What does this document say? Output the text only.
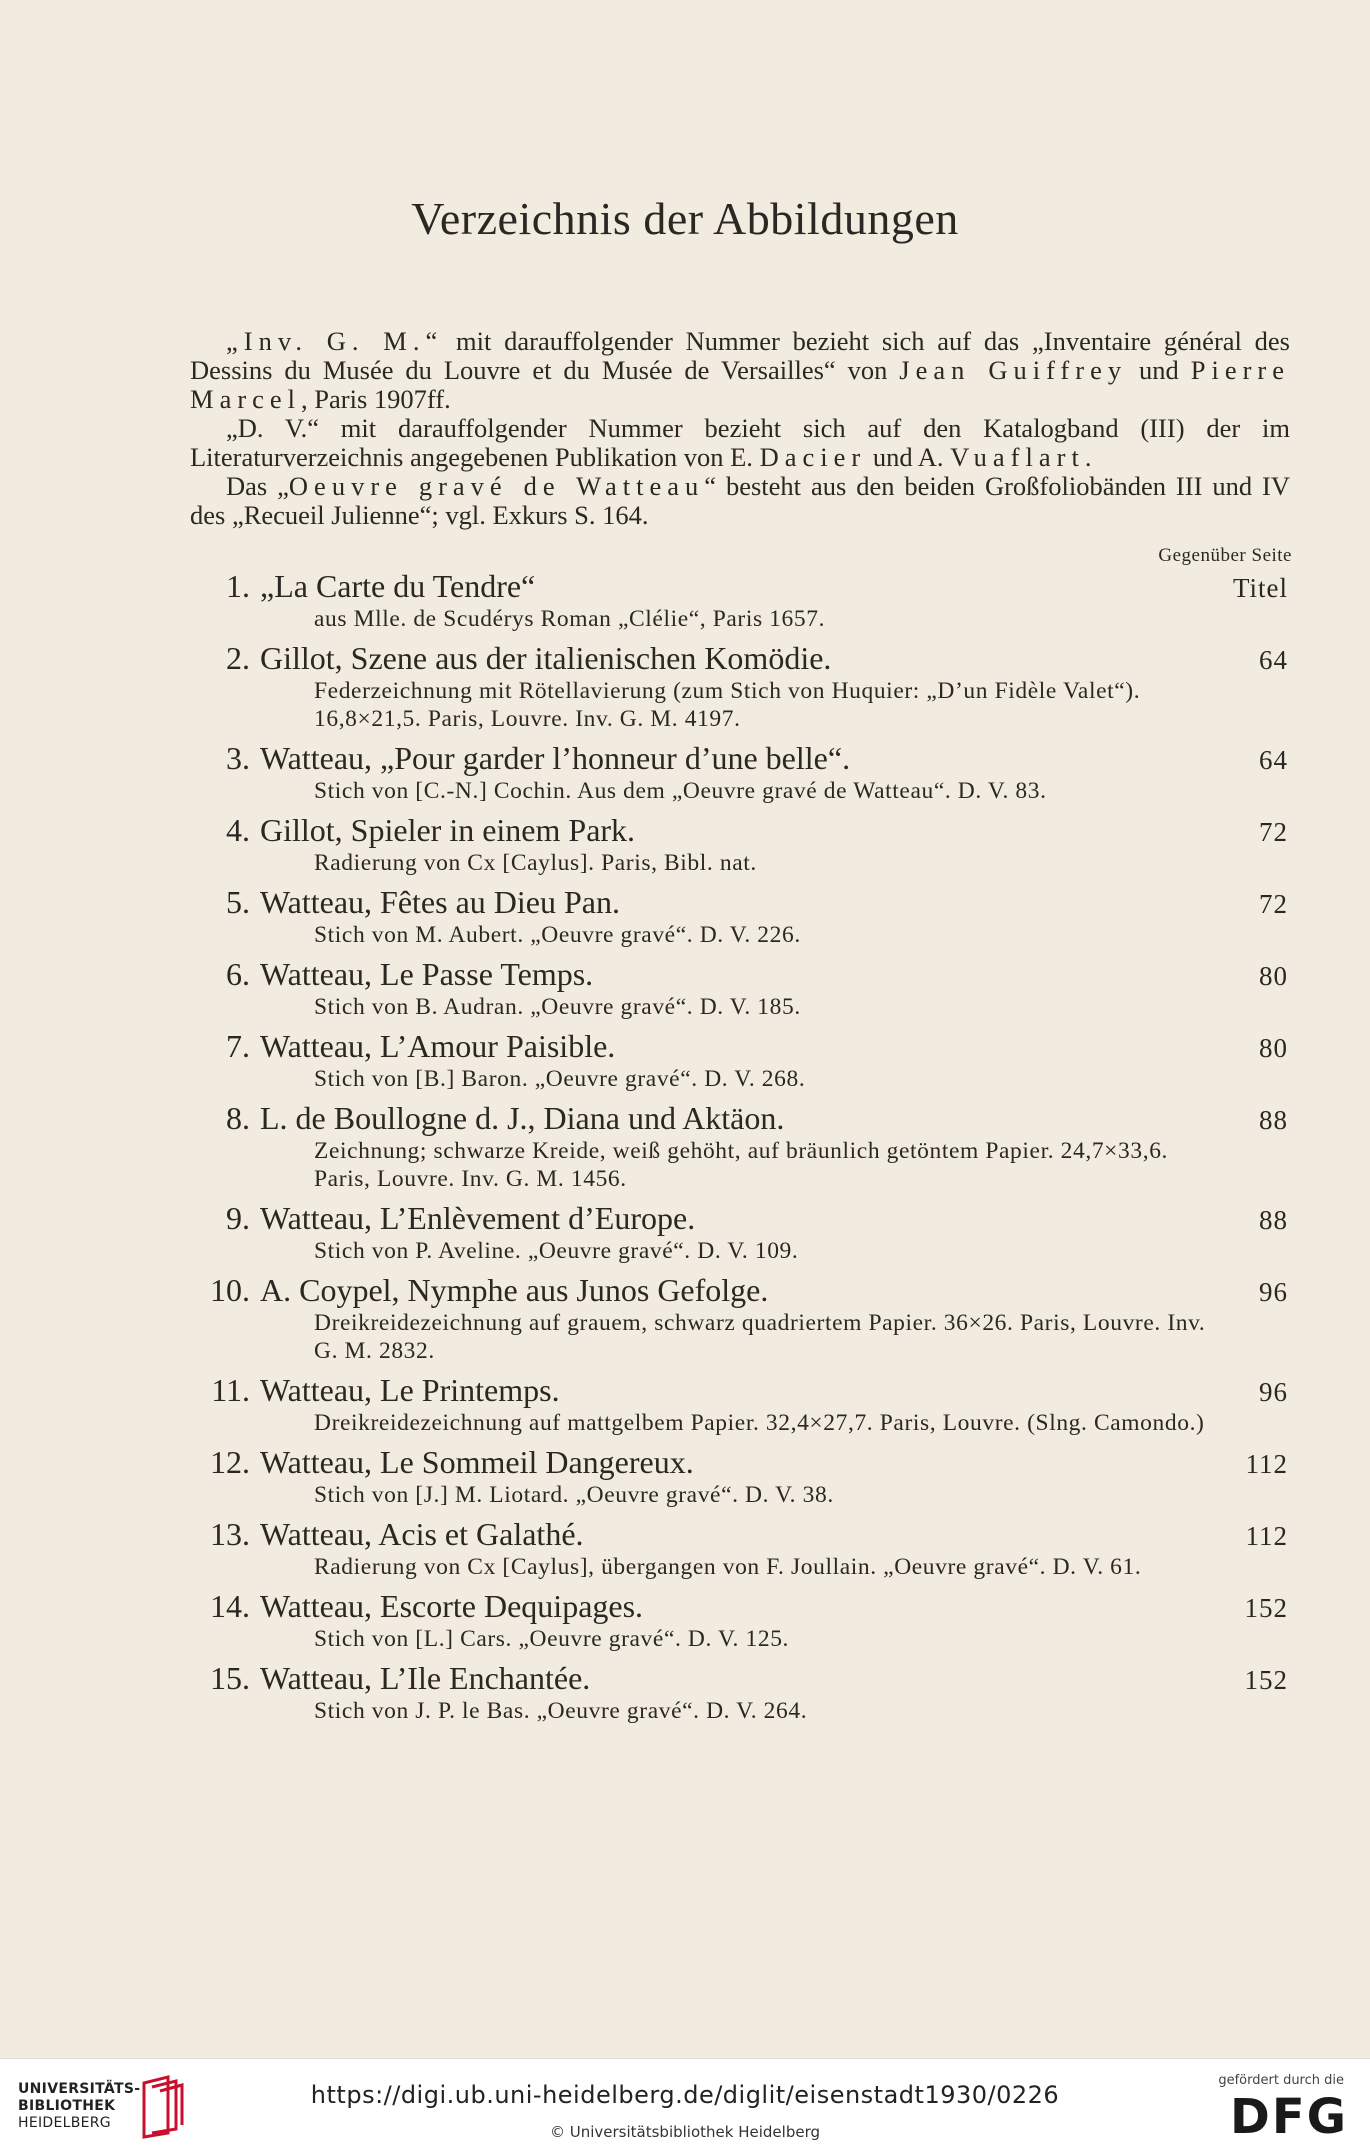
Verzeichnis der Abbildungen

„Inv. G. M.“ mit darauffolgender Nummer bezieht sich auf das „Inventaire général des Dessins du Musée du Louvre et du Musée de Versailles“ von Jean Guiffrey und Pierre Marcel, Paris 1907ff.

„D. V.“ mit darauffolgender Nummer bezieht sich auf den Katalogband (III) der im Literaturverzeichnis angegebenen Publikation von E. Dacier und A. Vuaflart.

Das „Oeuvre gravé de Watteau“ besteht aus den beiden Großfoliobänden III und IV des „Recueil Julienne“; vgl. Exkurs S. 164.

Gegenüber Seite
1. „La Carte du Tendre“	Titel
aus Mlle. de Scudérys Roman „Clélie“, Paris 1657.
2. Gillot, Szene aus der italienischen Komödie.	64
Federzeichnung mit Rötellavierung (zum Stich von Huquier: „D’un Fidèle Valet“). 16,8×21,5. Paris, Louvre. Inv. G. M. 4197.
3. Watteau, „Pour garder l’honneur d’une belle“.	64
Stich von [C.-N.] Cochin. Aus dem „Oeuvre gravé de Watteau“. D. V. 83.
4. Gillot, Spieler in einem Park.	72
Radierung von Cx [Caylus]. Paris, Bibl. nat.
5. Watteau, Fêtes au Dieu Pan.	72
Stich von M. Aubert. „Oeuvre gravé“. D. V. 226.
6. Watteau, Le Passe Temps.	80
Stich von B. Audran. „Oeuvre gravé“. D. V. 185.
7. Watteau, L’Amour Paisible.	80
Stich von [B.] Baron. „Oeuvre gravé“. D. V. 268.
8. L. de Boullogne d. J., Diana und Aktäon.	88
Zeichnung; schwarze Kreide, weiß gehöht, auf bräunlich getöntem Papier. 24,7×33,6. Paris, Louvre. Inv. G. M. 1456.
9. Watteau, L’Enlèvement d’Europe.	88
Stich von P. Aveline. „Oeuvre gravé“. D. V. 109.
10. A. Coypel, Nymphe aus Junos Gefolge.	96
Dreikreidezeichnung auf grauem, schwarz quadriertem Papier. 36×26. Paris, Louvre. Inv. G. M. 2832.
11. Watteau, Le Printemps.	96
Dreikreidezeichnung auf mattgelbem Papier. 32,4×27,7. Paris, Louvre. (Slng. Camondo.)
12. Watteau, Le Sommeil Dangereux.	112
Stich von [J.] M. Liotard. „Oeuvre gravé“. D. V. 38.
13. Watteau, Acis et Galathé.	112
Radierung von Cx [Caylus], übergangen von F. Joullain. „Oeuvre gravé“. D. V. 61.
14. Watteau, Escorte Dequipages.	152
Stich von [L.] Cars. „Oeuvre gravé“. D. V. 125.
15. Watteau, L’Ile Enchantée.	152
Stich von J. P. le Bas. „Oeuvre gravé“. D. V. 264.
UNIVERSITÄTS-
BIBLIOTHEK
HEIDELBERG
https://digi.ub.uni-heidelberg.de/diglit/eisenstadt1930/0226
© Universitätsbibliothek Heidelberg
gefördert durch die
DFG
